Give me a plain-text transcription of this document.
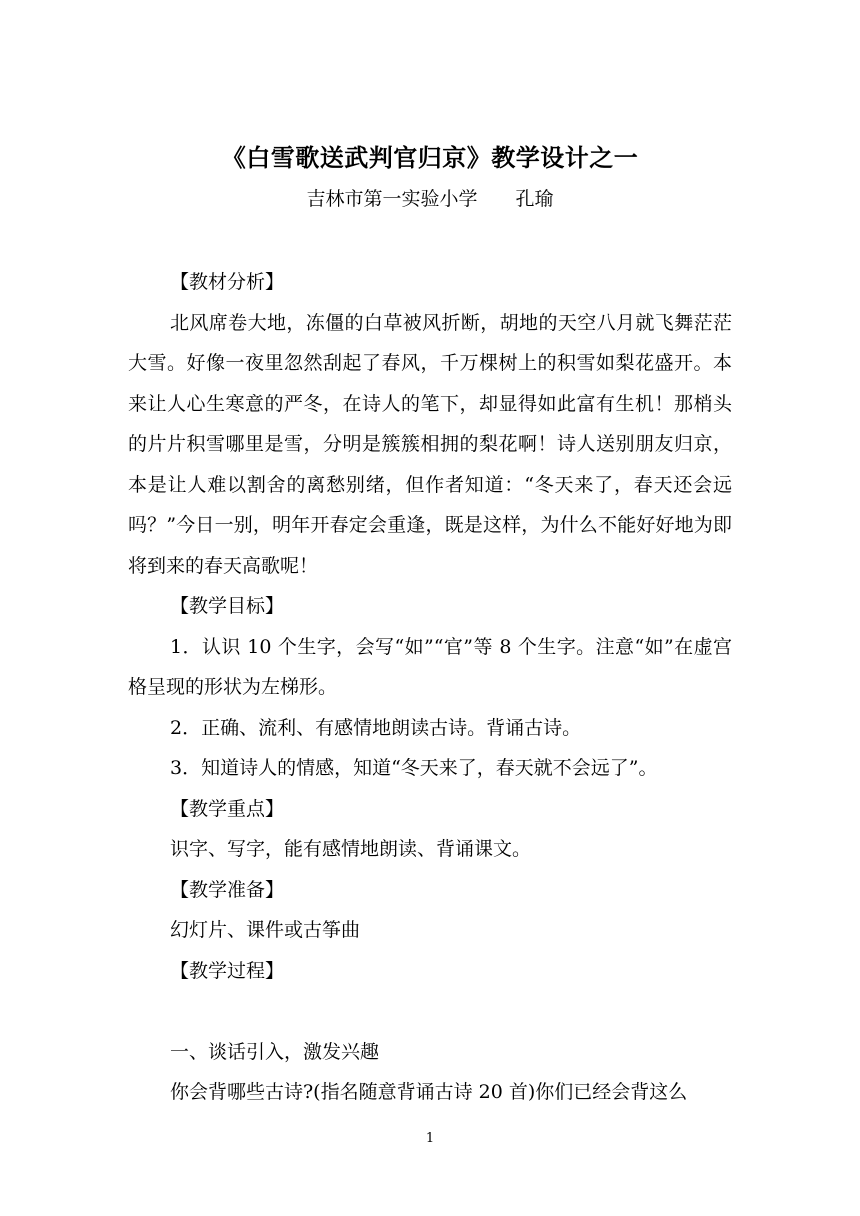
《白雪歌送武判官归京》教学设计之一

吉林市第一实验小学　　孔瑜

【教材分析】

北风席卷大地，冻僵的白草被风折断，胡地的天空八月就飞舞茫茫大雪。好像一夜里忽然刮起了春风，千万棵树上的积雪如梨花盛开。本来让人心生寒意的严冬，在诗人的笔下，却显得如此富有生机！那梢头的片片积雪哪里是雪，分明是簇簇相拥的梨花啊！诗人送别朋友归京，本是让人难以割舍的离愁别绪，但作者知道：“冬天来了，春天还会远吗？”今日一别，明年开春定会重逢，既是这样，为什么不能好好地为即将到来的春天高歌呢！

【教学目标】

1．认识 10 个生字，会写“如”“官”等 8 个生字。注意“如”在虚宫格呈现的形状为左梯形。

2．正确、流利、有感情地朗读古诗。背诵古诗。

3．知道诗人的情感，知道“冬天来了，春天就不会远了”。

【教学重点】

识字、写字，能有感情地朗读、背诵课文。

【教学准备】

幻灯片、课件或古筝曲

【教学过程】

一、谈话引入，激发兴趣

你会背哪些古诗?(指名随意背诵古诗 20 首)你们已经会背这么

1
